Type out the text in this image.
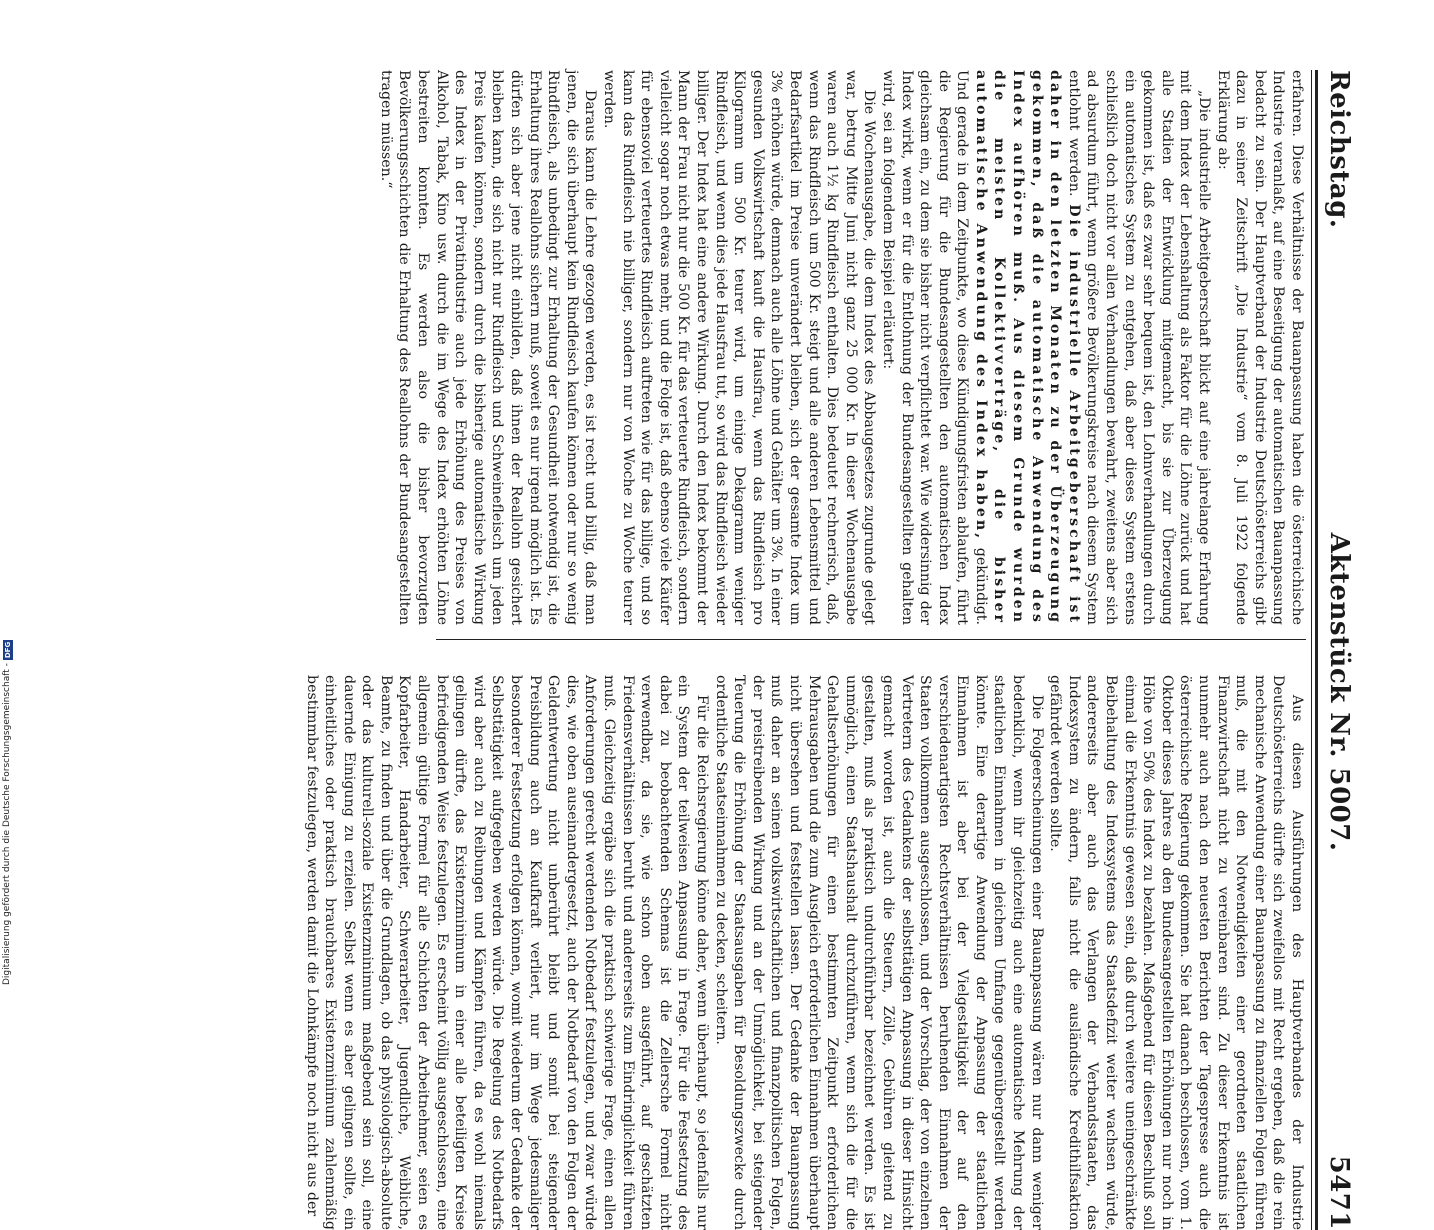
Reichstag.
Aktenstück Nr. 5007.
5471

erfahren. Diese Verhältnisse der Bauanpassung haben die österreichische Industrie veranlaßt, auf eine Beseitigung der automatischen Bauanpassung bedacht zu sein. Der Hauptverband der Industrie Deutschösterreichs gibt dazu in seiner Zeitschrift „Die Industrie“ vom 8. Juli 1922 folgende Erklärung ab:

„Die industrielle Arbeitgeberschaft blickt auf eine jahrelange Erfahrung mit dem Index der Lebenshaltung als Faktor für die Löhne zurück und hat alle Stadien der Entwicklung mitgemacht, bis sie zur Überzeugung gekommen ist, daß es zwar sehr bequem ist, den Lohnverhandlungen durch ein automatisches System zu entgehen, daß aber dieses System erstens schließlich doch nicht vor allen Verhandlungen bewahrt, zweitens aber sich ad absurdum führt, wenn größere Bevölkerungskreise nach diesem System entlohnt werden. Die industrielle Arbeitgeberschaft ist daher in den letzten Monaten zu der Überzeugung gekommen, daß die automatische Anwendung des Index aufhören muß. Aus diesem Grunde wurden die meisten Kollektivverträge, die bisher automatische Anwendung des Index haben, gekündigt. Und gerade in dem Zeitpunkte, wo diese Kündigungsfristen ablaufen, führt die Regierung für die Bundesangestellten den automatischen Index gleichsam ein, zu dem sie bisher nicht verpflichtet war. Wie widersinnig der Index wirkt, wenn er für die Entlohnung der Bundesangestellten gehalten wird, sei an folgendem Beispiel erläutert:

Die Wochenausgabe, die dem Index des Abbaugesetzes zugrunde gelegt war, betrug Mitte Juni nicht ganz 25 000 Kr. In dieser Wochenausgabe waren auch 1½ kg Rindfleisch enthalten. Dies bedeutet rechnerisch, daß, wenn das Rindfleisch um 500 Kr. steigt und alle anderen Lebensmittel und Bedarfsartikel im Preise unverändert bleiben, sich der gesamte Index um 3% erhöhen würde, demnach auch alle Löhne und Gehälter um 3%. In einer gesunden Volkswirtschaft kauft die Hausfrau, wenn das Rindfleisch pro Kilogramm um 500 Kr. teurer wird, um einige Dekagramm weniger Rindfleisch, und wenn dies jede Hausfrau tut, so wird das Rindfleisch wieder billiger. Der Index hat eine andere Wirkung. Durch den Index bekommt der Mann der Frau nicht nur die 500 Kr. für das verteuerte Rindfleisch, sondern vielleicht sogar noch etwas mehr, und die Folge ist, daß ebenso viele Käufer für ebensoviel verteuertes Rindfleisch auftreten wie für das billige, und so kann das Rindfleisch nie billiger, sondern nur von Woche zu Woche teurer werden.

Daraus kann die Lehre gezogen werden, es ist recht und billig, daß man jenen, die sich überhaupt kein Rindfleisch kaufen können oder nur so wenig Rindfleisch, als unbedingt zur Erhaltung der Gesundheit notwendig ist, die Erhaltung ihres Reallohns sichern muß, soweit es nur irgend möglich ist. Es dürfen sich aber jene nicht einbilden, daß ihnen der Reallohn gesichert bleiben kann, die sich nicht nur Rindfleisch und Schweinefleisch um jeden Preis kaufen können, sondern durch die bisherige automatische Wirkung des Index in der Privatindustrie auch jede Erhöhung des Preises von Alkohol, Tabak, Kino usw. durch die im Wege des Index erhöhten Löhne bestreiten konnten. Es werden also die bisher bevorzugten Bevölkerungsschichten die Erhaltung des Reallohns der Bundesangestellten tragen müssen.“

Aus diesen Ausführungen des Hauptverbandes der Industrie Deutschösterreichs dürfte sich zweifellos mit Recht ergeben, daß die rein mechanische Anwendung einer Bauanpassung zu finanziellen Folgen führen muß, die mit den Notwendigkeiten einer geordneten staatlichen Finanzwirtschaft nicht zu vereinbaren sind. Zu dieser Erkenntnis ist nunmehr auch nach den neuesten Berichten der Tagespresse auch die österreichische Regierung gekommen. Sie hat danach beschlossen, vom 1. Oktober dieses Jahres ab den Bundesangestellten Erhöhungen nur noch in Höhe von 50% des Index zu bezahlen. Maßgebend für diesen Beschluß soll einmal die Erkenntnis gewesen sein, daß durch weitere uneingeschränkte Beibehaltung des Indexsystems das Staatsdefizit weiter wachsen würde, andererseits aber auch das Verlangen der Verbandsstaaten, das Indexsystem zu ändern, falls nicht die ausländische Kredithilfsaktion gefährdet werden sollte.

Die Folgeerscheinungen einer Bauanpassung wären nur dann weniger bedenklich, wenn ihr gleichzeitig auch eine automatische Mehrung der staatlichen Einnahmen in gleichem Umfange gegenübergestellt werden könnte. Eine derartige Anwendung der Anpassung der staatlichen Einnahmen ist aber bei der Vielgestaltigkeit der auf den verschiedenartigsten Rechtsverhältnissen beruhenden Einnahmen der Staaten vollkommen ausgeschlossen, und der Vorschlag, der von einzelnen Vertretern des Gedankens der selbsttätigen Anpassung in dieser Hinsicht gemacht worden ist, auch die Steuern, Zölle, Gebühren gleitend zu gestalten, muß als praktisch undurchführbar bezeichnet werden. Es ist unmöglich, einen Staatshaushalt durchzuführen, wenn sich die für die Gehaltserhöhungen für einen bestimmten Zeitpunkt erforderlichen Mehrausgaben und die zum Ausgleich erforderlichen Einnahmen überhaupt nicht übersehen und feststellen lassen. Der Gedanke der Bauanpassung muß daher an seinen volkswirtschaftlichen und finanzpolitischen Folgen, der preistreibenden Wirkung und an der Unmöglichkeit, bei steigender Teuerung die Erhöhung der Staatsausgaben für Besoldungszwecke durch ordentliche Staatseinnahmen zu decken, scheitern.

Für die Reichsregierung könne daher, wenn überhaupt, so jedenfalls nur ein System der teilweisen Anpassung in Frage. Für die Festsetzung des dabei zu beobachtenden Schemas ist die Zellersche Formel nicht verwendbar, da sie, wie schon oben ausgeführt, auf geschätzten Friedensverhältnissen beruht und andererseits zum Eindringlichkeit führen muß. Gleichzeitig ergäbe sich die praktisch schwierige Frage, einen allen Anforderungen gerecht werdenden Notbedarf festzulegen, und zwar würde dies, wie oben auseinandergesetzt, auch der Notbedarf von den Folgen der Geldentwertung nicht unberührt bleibt und somit bei steigender Preisbildung auch an Kaufkraft verliert, nur im Wege jedesmaliger besonderer Festsetzung erfolgen können, womit wiederum der Gedanke der Selbsttätigkeit aufgegeben werden würde. Die Regelung des Notbedarfs wird aber auch zu Reibungen und Kämpfen führen, da es wohl niemals gelingen dürfte, das Existenzminimum in einer alle beteiligten Kreise befriedigenden Weise festzulegen. Es erscheint völlig ausgeschlossen, eine allgemein gültige Formel für alle Schichten der Arbeitnehmer, seien es Kopfarbeiter, Handarbeiter, Schwerarbeiter, Jugendliche, Weibliche, Beamte, zu finden und über die Grundlagen, ob das physiologisch-absolute oder das kulturell-soziale Existenzminimum maßgebend sein soll, eine dauernde Einigung zu erzielen. Selbst wenn es aber gelingen sollte, ein einheitliches oder praktisch brauchbares Existenzminimum zahlenmäßig bestimmbar festzulegen, werden damit die Lohnkämpfe noch nicht aus der

Digitalisierung gefördert durch die Deutsche Forschungsgemeinschaft -
DFG
